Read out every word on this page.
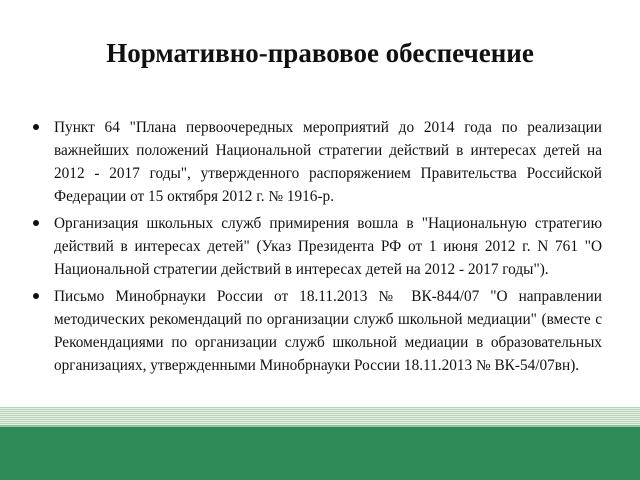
Нормативно-правовое обеспечение
Пункт 64 "Плана первоочередных мероприятий до 2014 года по реализации важнейших положений Национальной стратегии действий в интересах детей на 2012 - 2017 годы", утвержденного распоряжением Правительства Российской Федерации от 15 октября 2012 г. № 1916-р.
Организация школьных служб примирения вошла в "Национальную стратегию действий в интересах детей" (Указ Президента РФ от 1 июня 2012 г. N 761 "О Национальной стратегии действий в интересах детей на 2012 - 2017 годы").
Письмо Минобрнауки России от 18.11.2013 № ВК-844/07 "О направлении методических рекомендаций по организации служб школьной медиации" (вместе с Рекомендациями по организации служб школьной медиации в образовательных организациях, утвержденными Минобрнауки России 18.11.2013 № ВК-54/07вн).
